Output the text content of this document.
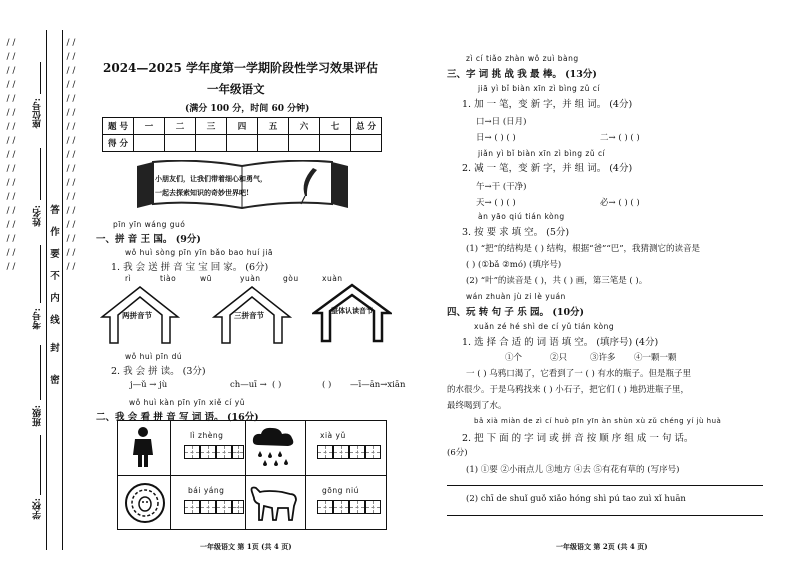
/ / / / / / / / / / / / / / / / / / / / / / / / / / / / / / / / / /
/ / / / / / / / / / / / / / / / / / / / / / / / / / / / / / / / / /
学校:
班级:
考号:
姓名:
座位号:
密
封
线
内
不
要
作
答
2024—2025 学年度第一学期阶段性学习效果评估
一年级语文
(满分 100 分，时间 60 分钟)
题 号	一	二	三	四	五	六	七	总 分
得 分								
小朋友们，让我们带着细心和勇气，
一起去探索知识的奇妙世界吧!
pīn yīn wáng guó
一、拼 音 王 国。 (9分)
wǒ huì sòng pīn yīn bǎo bao huí jiā
1. 我 会 送 拼 音 宝 宝 回 家。 (6分)
rì	tiào	wū	yuàn	gòu	xuàn
两拼音节	三拼音节
整体认读音节
wǒ huì pīn dú
2. 我 会 拼 读。 (3分)
j—ǔ → jù	ch—uī → ( )	( ) —ī—ān→xiān
wǒ huì kàn pīn yīn xiě cí yǔ
二、我 会 看 拼 音 写 词 语。 (16分)
lì zhèng	xià yǔ
bái yáng	gōng niú
一年级语文 第 1页 (共 4 页)
zì cí tiǎo zhàn wǒ zuì bàng
三、字 词 挑 战 我 最 棒。 (13分)
jiā yì bǐ biàn xīn zì bìng zǔ cí
1. 加 一 笔，变 新 字，并 组 词。 (4分)
口→日 (日月)
日→ ( ) ( )	二→ ( ) ( )
jiǎn yì bǐ biàn xīn zì bìng zǔ cí
2. 减 一 笔，变 新 字，并 组 词。 (4分)
午→干 (干净)
天→ ( ) ( )	必→ ( ) ( )
àn yāo qiú tián kòng
3. 按 要 求 填 空。 (5分)
(1) “把”的结构是 ( ) 结构，根据“爸”“巴”，我猜测它的读音是
( ) (①bǎ ②mó) (填序号)
(2) “叶”的读音是 ( )，共 ( ) 画，第三笔是 ( )。
wán zhuàn jù zi lè yuán
四、玩 转 句 子 乐 园。 (10分)
xuǎn zé hé shì de cí yǔ tián kòng
1. 选 择 合 适 的 词 语 填 空。 (填序号) (4分)
①个	②只	③许多 ④一颗一颗
一 ( ) 乌鸦口渴了，它看到了一 ( ) 有水的瓶子。但是瓶子里
的水很少。于是乌鸦找来 ( ) 小石子，把它们 ( ) 地扔进瓶子里，
最终喝到了水。
bǎ xià miàn de zì cí huò pīn yīn àn shùn xù zǔ chéng yí jù huà
2. 把 下 面 的 字 词 或 拼 音 按 顺 序 组 成 一 句 话。
(6分)
(1) ①要 ②小雨点儿 ③地方 ④去 ⑤有花有草的 (写序号)
(2) chī de shuǐ guǒ xiǎo hóng shì pú tao zuì xǐ huān
一年级语文 第 2页 (共 4 页)
